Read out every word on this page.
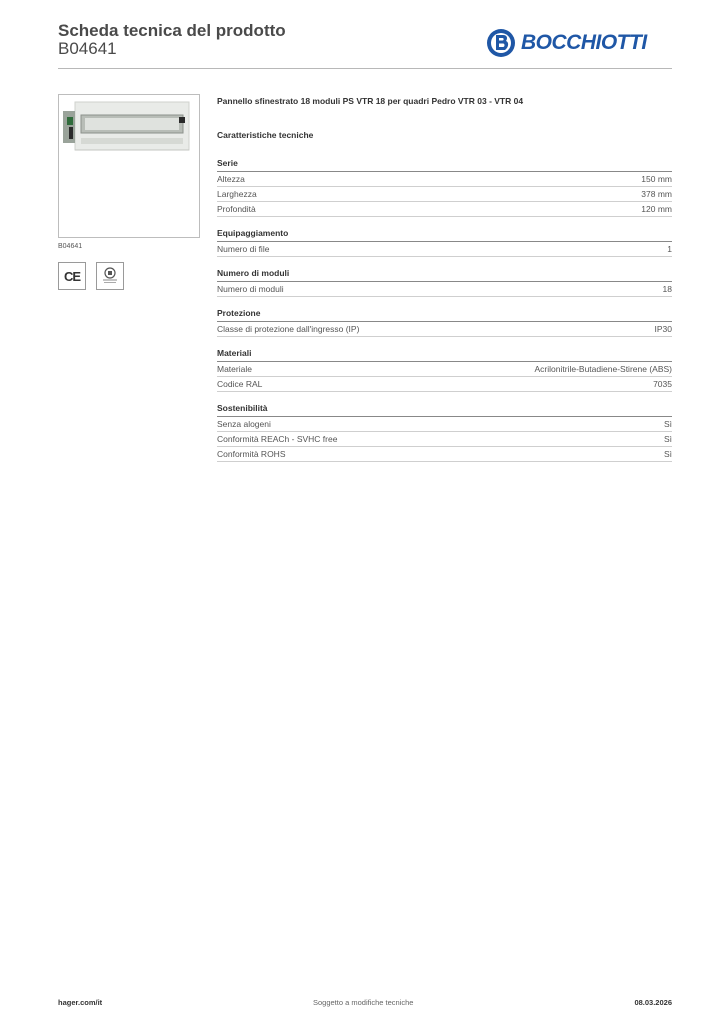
Scheda tecnica del prodotto
B04641	BOCCHIOTTI
B04641
CE
Pannello sfinestrato 18 moduli PS VTR 18 per quadri Pedro VTR 03 - VTR 04
Caratteristiche tecniche
Serie
Altezza	150 mm
Larghezza	378 mm
Profondità	120 mm
Equipaggiamento
Numero di file	1
Numero di moduli
Numero di moduli	18
Protezione
Classe di protezione dall'ingresso (IP)	IP30
Materiali
Materiale	Acrilonitrile-Butadiene-Stirene (ABS)
Codice RAL	7035
Sostenibilità
Senza alogeni	Sì
Conformità REACh - SVHC free	Sì
Conformità ROHS	Sì
hager.com/it	Soggetto a modifiche tecniche	08.03.2026
